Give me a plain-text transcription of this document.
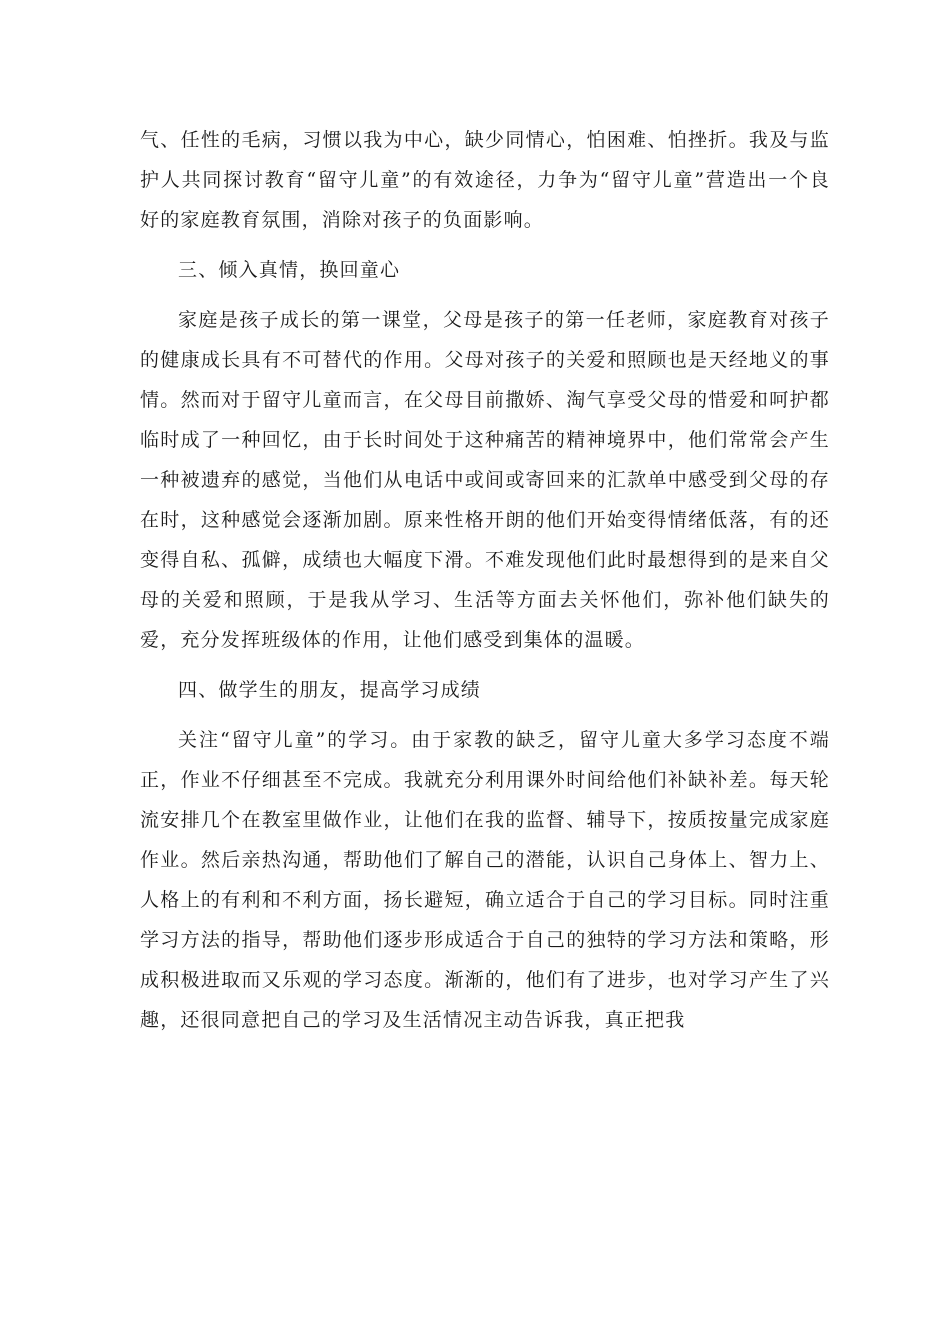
气、任性的毛病，习惯以我为中心，缺少同情心，怕困难、怕挫折。我及与监护人共同探讨教育“留守儿童”的有效途径，力争为“留守儿童”营造出一个良好的家庭教育氛围，消除对孩子的负面影响。

三、倾入真情，换回童心

家庭是孩子成长的第一课堂，父母是孩子的第一任老师，家庭教育对孩子的健康成长具有不可替代的作用。父母对孩子的关爱和照顾也是天经地义的事情。然而对于留守儿童而言，在父母目前撒娇、淘气享受父母的惜爱和呵护都临时成了一种回忆，由于长时间处于这种痛苦的精神境界中，他们常常会产生一种被遗弃的感觉，当他们从电话中或间或寄回来的汇款单中感受到父母的存在时，这种感觉会逐渐加剧。原来性格开朗的他们开始变得情绪低落，有的还变得自私、孤僻，成绩也大幅度下滑。不难发现他们此时最想得到的是来自父母的关爱和照顾，于是我从学习、生活等方面去关怀他们，弥补他们缺失的爱，充分发挥班级体的作用，让他们感受到集体的温暖。

四、做学生的朋友，提高学习成绩

关注“留守儿童”的学习。由于家教的缺乏，留守儿童大多学习态度不端正，作业不仔细甚至不完成。我就充分利用课外时间给他们补缺补差。每天轮流安排几个在教室里做作业，让他们在我的监督、辅导下，按质按量完成家庭作业。然后亲热沟通，帮助他们了解自己的潜能，认识自己身体上、智力上、人格上的有利和不利方面，扬长避短，确立适合于自己的学习目标。同时注重学习方法的指导，帮助他们逐步形成适合于自己的独特的学习方法和策略，形成积极进取而又乐观的学习态度。渐渐的，他们有了进步，也对学习产生了兴趣，还很同意把自己的学习及生活情况主动告诉我，真正把我
